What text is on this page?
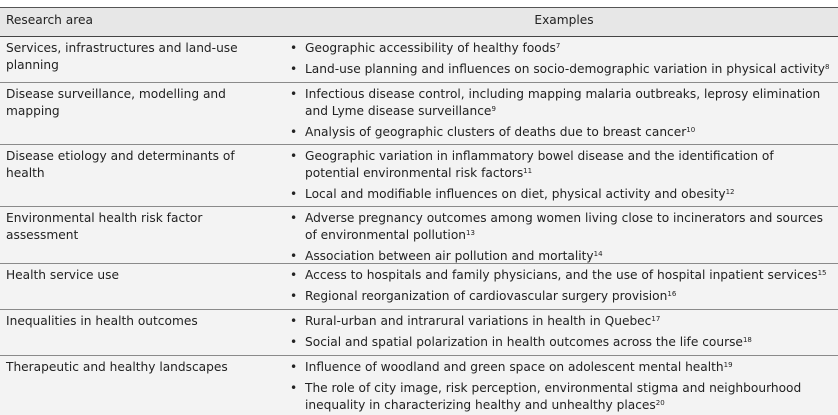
Research area	Examples
Services, infrastructures and land-use planning
• Geographic accessibility of healthy foods$^7$
• Land-use planning and influences on socio-demographic variation in physical activity$^8$
Disease surveillance, modelling and mapping
• Infectious disease control, including mapping malaria outbreaks, leprosy elimination and Lyme disease surveillance$^9$
• Analysis of geographic clusters of deaths due to breast cancer$^{10}$
Disease etiology and determinants of health
• Geographic variation in inflammatory bowel disease and the identification of potential environmental risk factors$^{11}$
• Local and modifiable influences on diet, physical activity and obesity$^{12}$
Environmental health risk factor assessment
• Adverse pregnancy outcomes among women living close to incinerators and sources of environmental pollution$^{13}$
• Association between air pollution and mortality$^{14}$
Health service use	• Access to hospitals and family physicians, and the use of hospital inpatient services$^{15}$
• Regional reorganization of cardiovascular surgery provision$^{16}$
Inequalities in health outcomes	• Rural-urban and intrarural variations in health in Quebec$^{17}$
• Social and spatial polarization in health outcomes across the life course$^{18}$
Therapeutic and healthy landscapes	• Influence of woodland and green space on adolescent mental health$^{19}$
• The role of city image, risk perception, environmental stigma and neighbourhood inequality in characterizing healthy and unhealthy places$^{20}$
